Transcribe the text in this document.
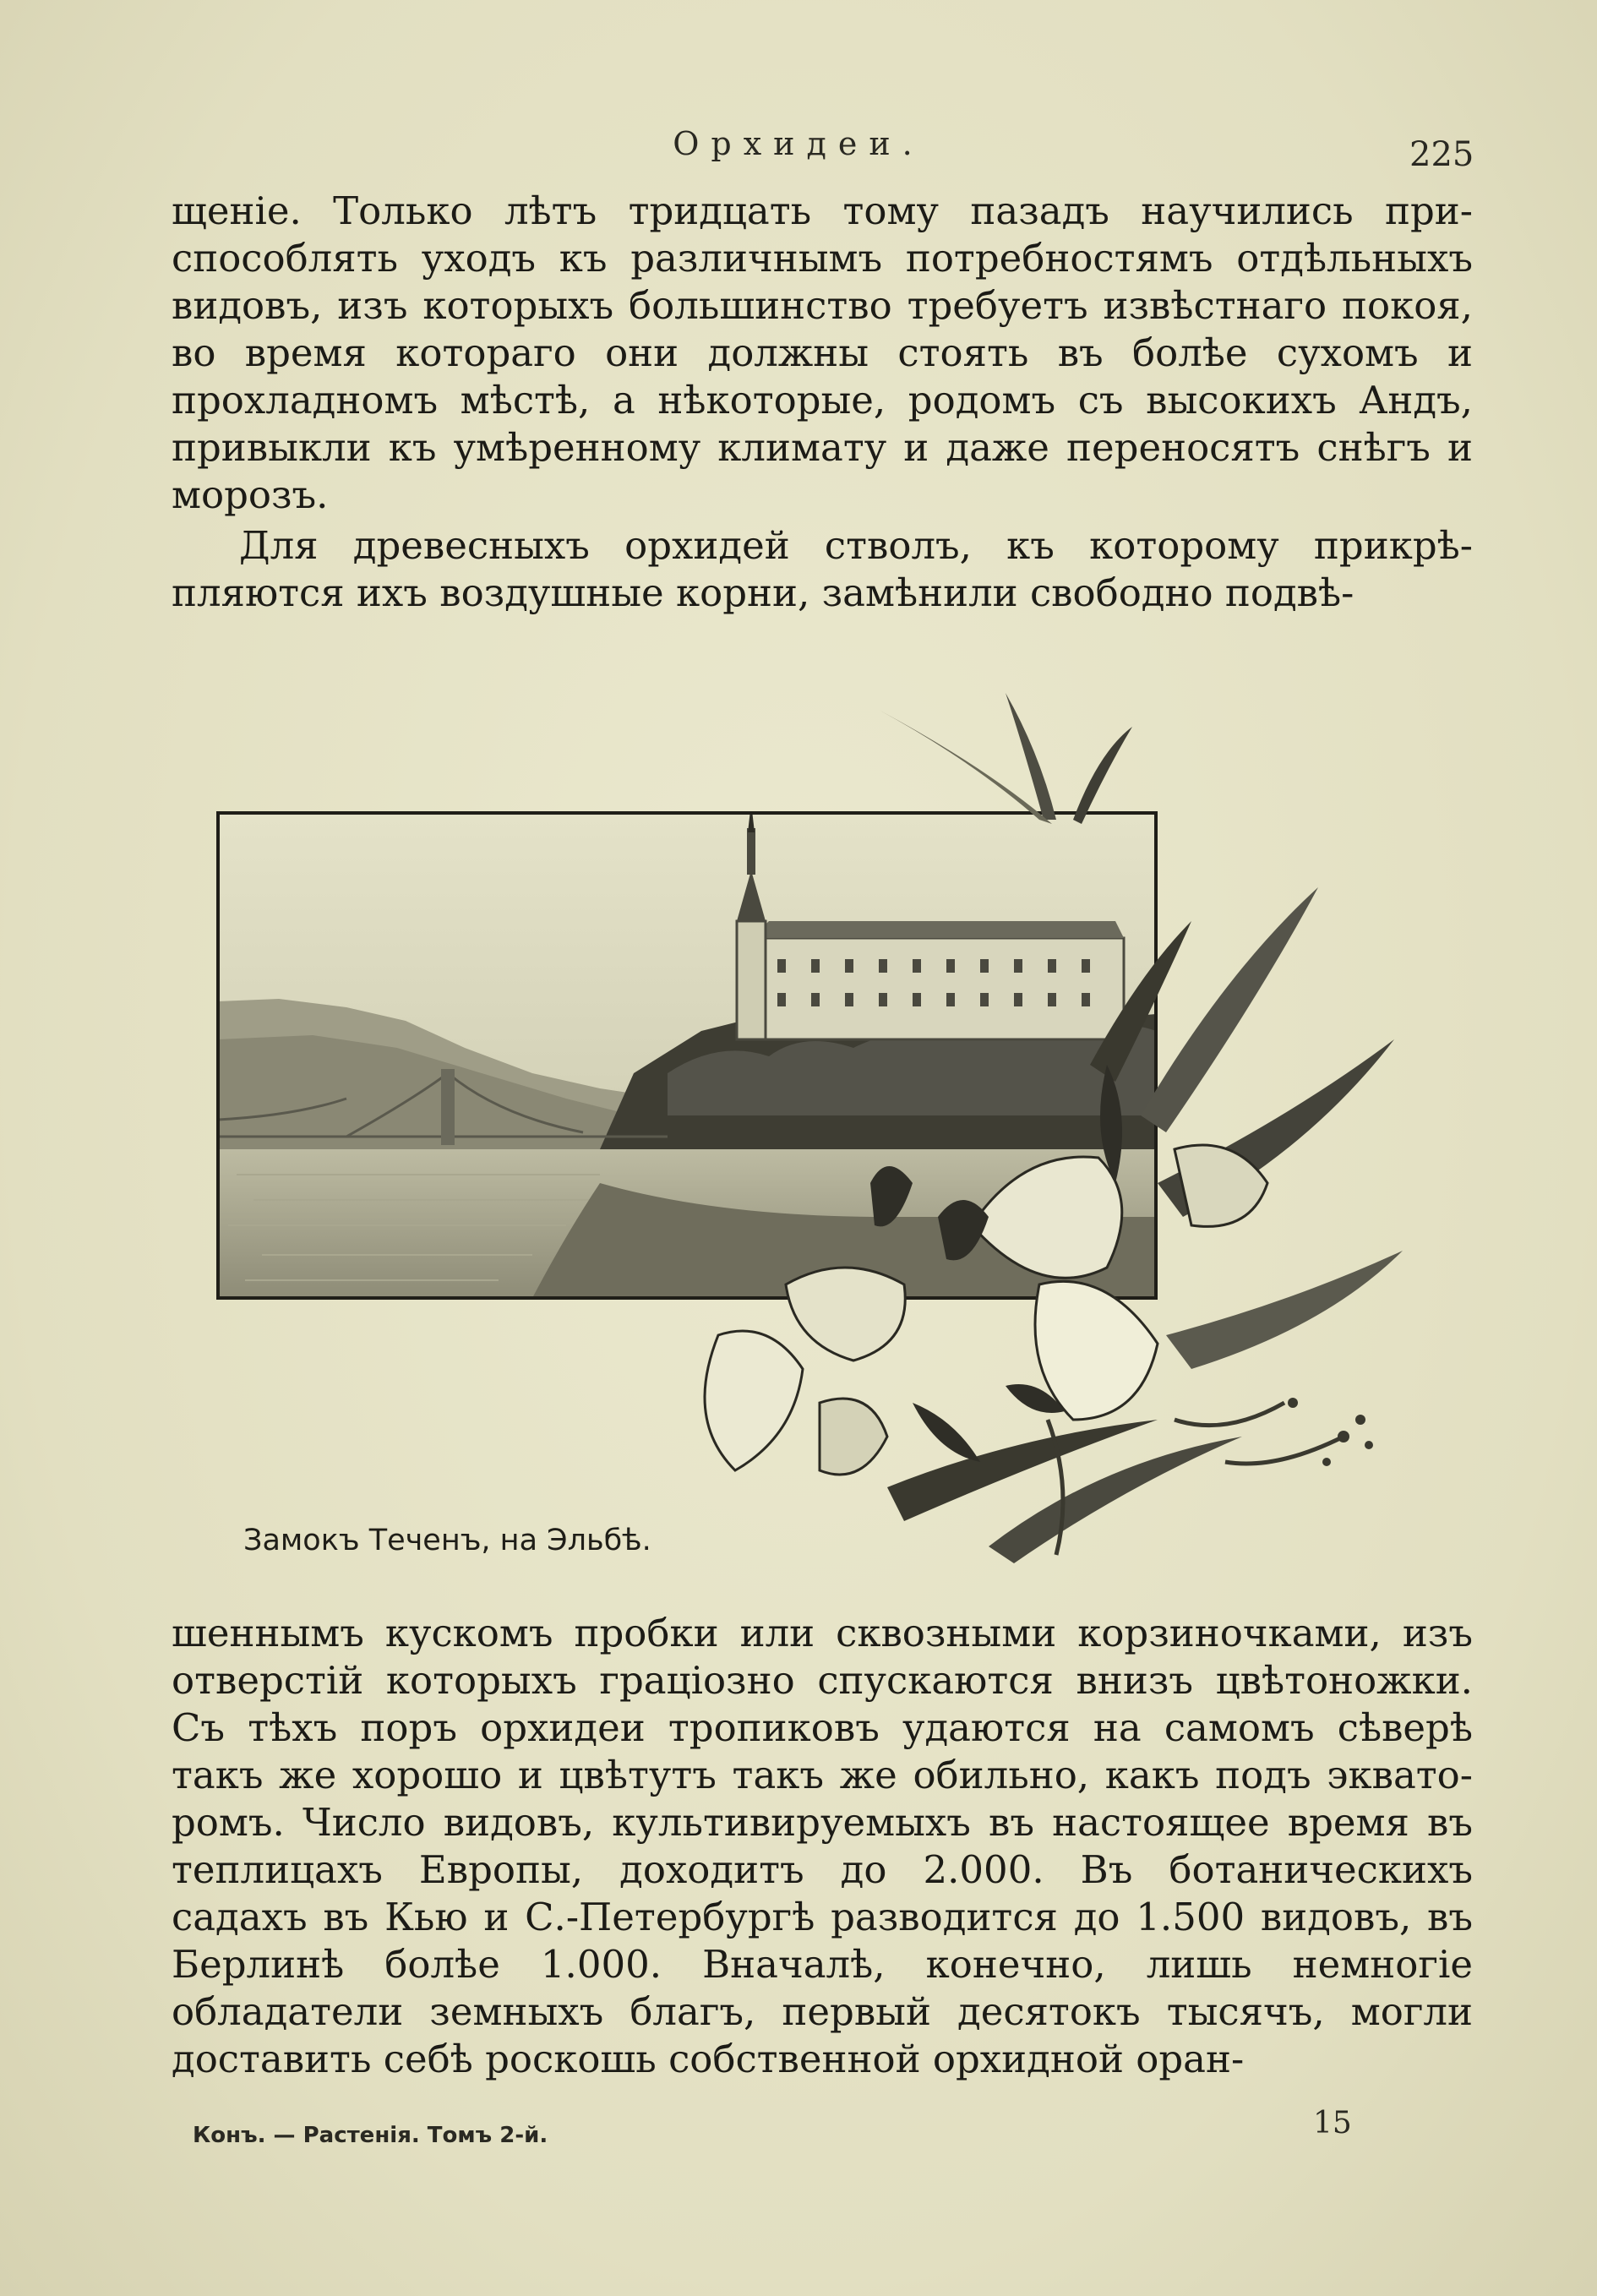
Орхидеи.	225

щеніе. Только лѣтъ тридцать тому пазадъ научились приспособлять уходъ къ различнымъ потребностямъ отдѣльныхъ видовъ, изъ которыхъ большинство требуетъ извѣстнаго покоя, во время котораго они должны стоять въ болѣе сухомъ и прохладномъ мѣстѣ, а нѣкоторые, родомъ съ высокихъ Андъ, привыкли къ умѣренному климату и даже переносятъ снѣгъ и морозъ.

Для древесныхъ орхидей стволъ, къ которому прикрѣпляются ихъ воздушные корни, замѣнили свободно подвѣ-

Замокъ Теченъ, на Эльбѣ.

шеннымъ кускомъ пробки или сквозными корзиночками, изъ отверстій которыхъ граціозно спускаются внизъ цвѣтоножки. Съ тѣхъ поръ орхидеи тропиковъ удаются на самомъ сѣверѣ такъ же хорошо и цвѣтутъ такъ же обильно, какъ подъ экваторомъ. Число видовъ, культивируемыхъ въ настоящее время въ теплицахъ Европы, доходитъ до 2.000. Въ ботаническихъ садахъ въ Кью и С.-Петербургѣ разводится до 1.500 видовъ, въ Берлинѣ болѣе 1.000. Вначалѣ, конечно, лишь немногіе обладатели земныхъ благъ, первый десятокъ тысячъ, могли доставить себѣ роскошь собственной орхидной оран-

Конъ. — Растенія. Томъ 2-й.	15
